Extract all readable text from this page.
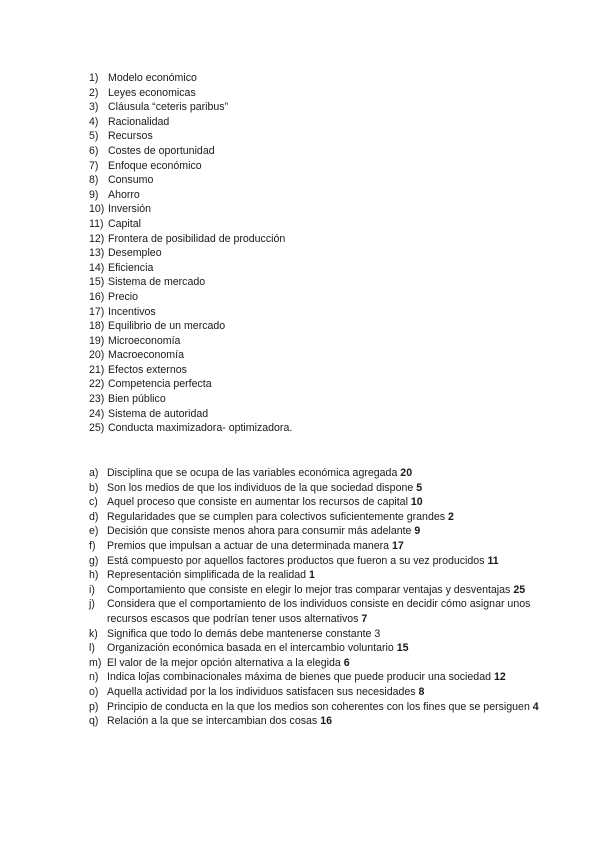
1) Modelo económico
2) Leyes economicas
3) Cláusula “ceteris paribus”
4) Racionalidad
5) Recursos
6) Costes de oportunidad
7) Enfoque económico
8) Consumo
9) Ahorro
10) Inversión
11) Capital
12) Frontera de posibilidad de producción
13) Desempleo
14) Eficiencia
15) Sistema de mercado
16) Precio
17) Incentivos
18) Equilibrio de un mercado
19) Microeconomía
20) Macroeconomía
21) Efectos externos
22) Competencia perfecta
23) Bien público
24) Sistema de autoridad
25) Conducta maximizadora- optimizadora.
a) Disciplina que se ocupa de las variables económica agregada 20
b) Son los medios de que los individuos de la que sociedad dispone 5
c) Aquel proceso que consiste en aumentar los recursos de capital 10
d) Regularidades que se cumplen para colectivos suficientemente grandes 2
e) Decisión que consiste menos ahora para consumir más adelante 9
f)	Premios que impulsan a actuar de una determinada manera 17
g) Está compuesto por aquellos factores productos que fueron a su vez producidos 11
h) Representación simplificada de la realidad 1
i)	Comportamiento que consiste en elegir lo mejor tras comparar ventajas y desventajas 25
j)	Considera que el comportamiento de los individuos consiste en decidir cómo asignar unos recursos escasos que podrían tener usos alternativos 7
k) Significa que todo lo demás debe mantenerse constante 3
l)	Organización económica basada en el intercambio voluntario 15
m) El valor de la mejor opción alternativa a la elegida 6
n) Indica loĵas combinacionales máxima de bienes que puede producir una sociedad 12
o) Aquella actividad por la los individuos satisfacen sus necesidades 8
p) Principio de conducta en la que los medios son coherentes con los fines que se persiguen 4
q) Relación a la que se intercambian dos cosas 16
